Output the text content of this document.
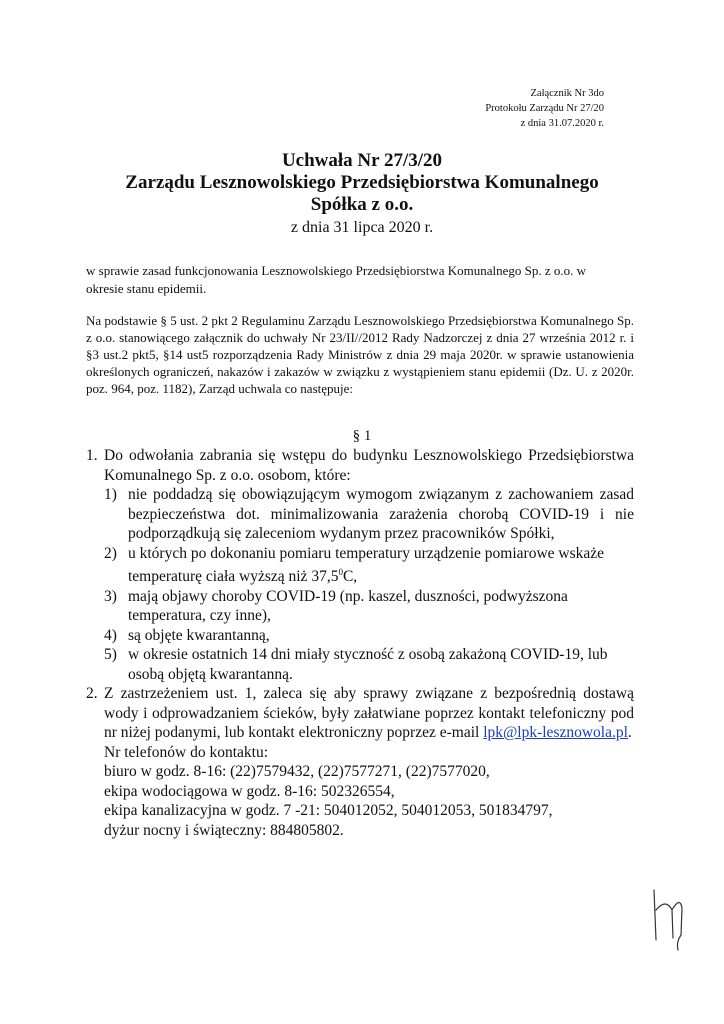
Załącznik Nr 3do
Protokołu Zarządu Nr 27/20
z dnia 31.07.2020 r.
Uchwała Nr 27/3/20
Zarządu Lesznowolskiego Przedsiębiorstwa Komunalnego
Spółka z o.o.
z dnia 31 lipca 2020 r.
w sprawie zasad funkcjonowania Lesznowolskiego Przedsiębiorstwa Komunalnego Sp. z o.o. w okresie stanu epidemii.
Na podstawie § 5 ust. 2 pkt 2 Regulaminu Zarządu Lesznowolskiego Przedsiębiorstwa Komunalnego Sp. z o.o. stanowiącego załącznik do uchwały Nr 23/II//2012 Rady Nadzorczej z dnia 27 września 2012 r. i §3 ust.2 pkt5, §14 ust5 rozporządzenia Rady Ministrów z dnia 29 maja 2020r. w sprawie ustanowienia określonych ograniczeń, nakazów i zakazów w związku z wystąpieniem stanu epidemii (Dz. U. z 2020r. poz. 964, poz. 1182), Zarząd uchwala co następuje:
§ 1
1. Do odwołania zabrania się wstępu do budynku Lesznowolskiego Przedsiębiorstwa Komunalnego Sp. z o.o. osobom, które:
1) nie poddadzą się obowiązującym wymogom związanym z zachowaniem zasad bezpieczeństwa dot. minimalizowania zarażenia chorobą COVID-19 i nie podporządkują się zaleceniom wydanym przez pracowników Spółki,
2) u których po dokonaniu pomiaru temperatury urządzenie pomiarowe wskaże temperaturę ciała wyższą niż 37,5$^0$C,
3) mają objawy choroby COVID-19 (np. kaszel, duszności, podwyższona temperatura, czy inne),
4) są objęte kwarantanną,
5) w okresie ostatnich 14 dni miały styczność z osobą zakażoną COVID-19, lub osobą objętą kwarantanną.
2. Z zastrzeżeniem ust. 1, zaleca się aby sprawy związane z bezpośrednią dostawą wody i odprowadzaniem ścieków, były załatwiane poprzez kontakt telefoniczny pod nr niżej podanymi, lub kontakt elektroniczny poprzez e-mail lpk@lpk-lesznowola.pl.
Nr telefonów do kontaktu:
biuro w godz. 8-16: (22)7579432, (22)7577271, (22)7577020,
ekipa wodociągowa w godz. 8-16: 502326554,
ekipa kanalizacyjna w godz. 7 -21: 504012052, 504012053, 501834797,
dyżur nocny i świąteczny: 884805802.
